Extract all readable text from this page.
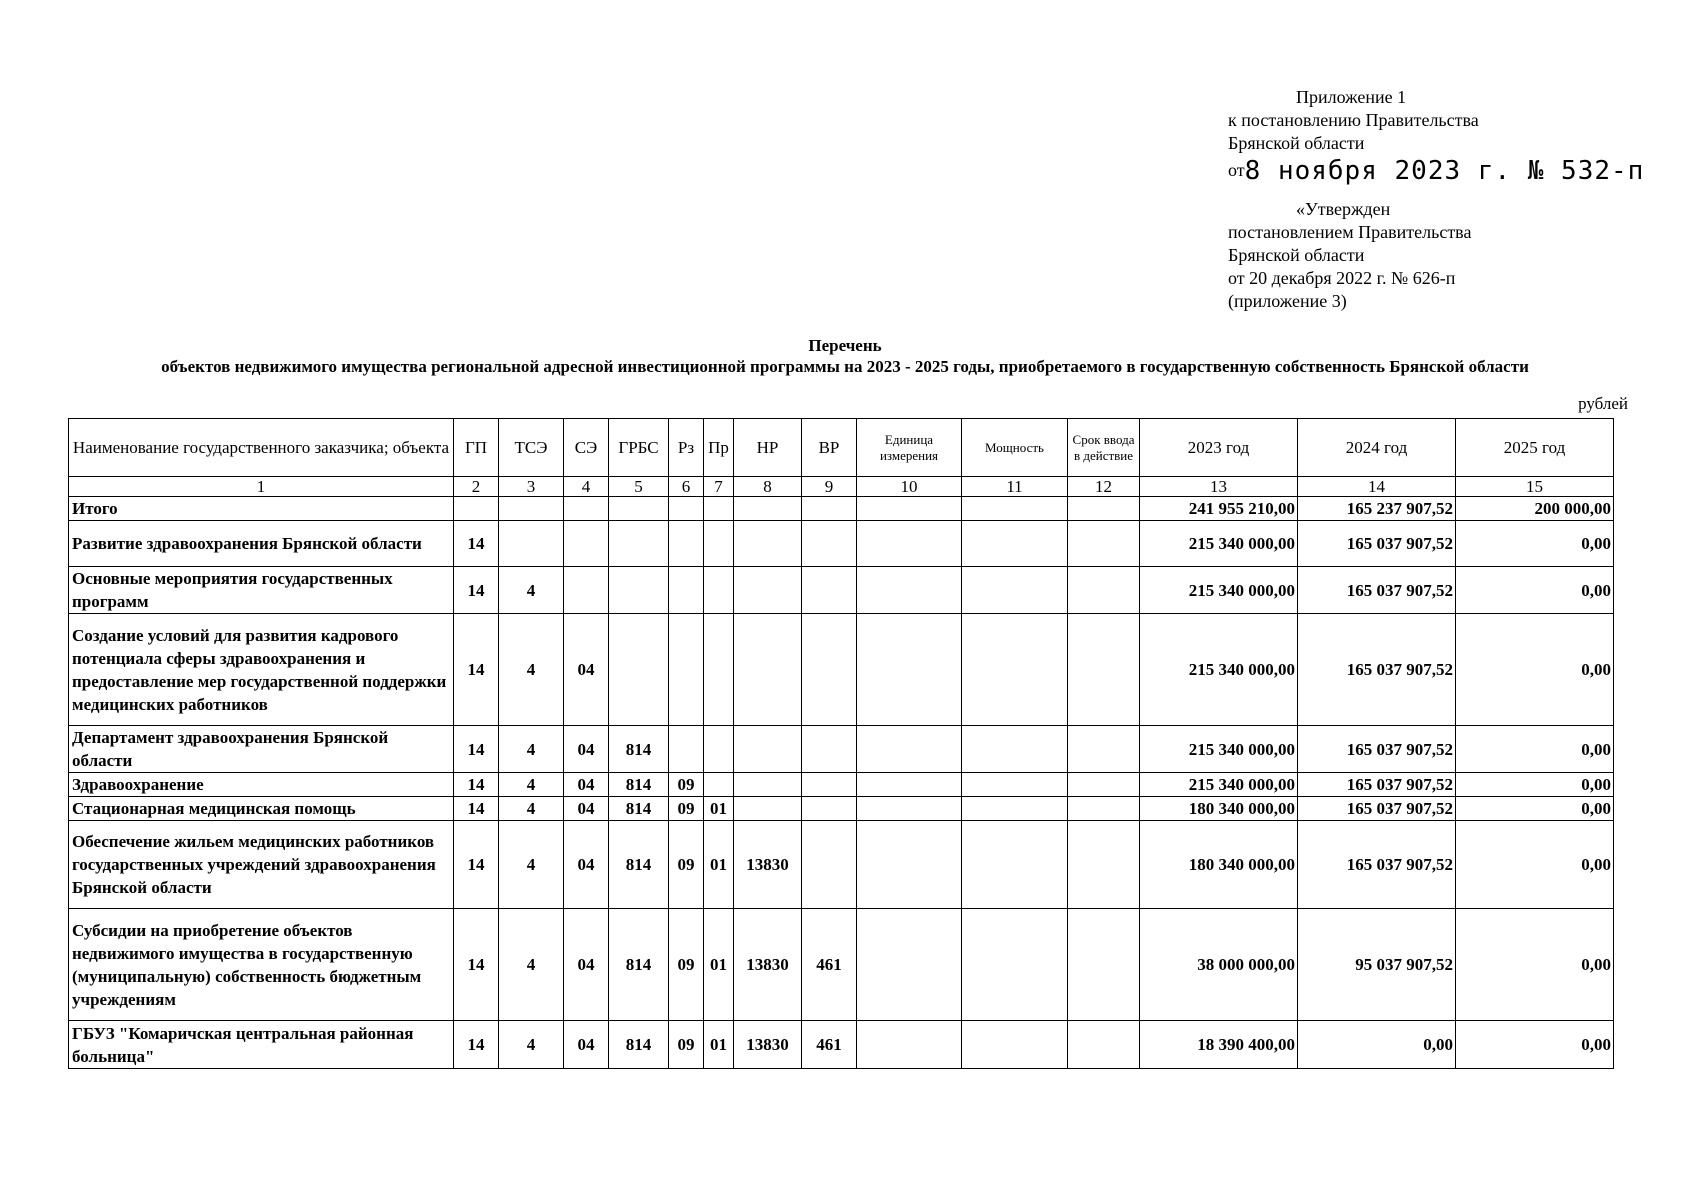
Приложение 1
к постановлению Правительства
Брянской области
от8 ноября 2023 г. № 532-п
«Утвержден
постановлением Правительства
Брянской области
от 20 декабря 2022 г. № 626-п
(приложение 3)
Перечень
объектов недвижимого имущества региональной адресной инвестиционной программы на 2023 - 2025 годы, приобретаемого в государственную собственность Брянской области
рублей
Наименование государственного заказчика; объекта	ГП	ТСЭ	СЭ	ГРБС	Рз	Пр	НР	ВР	Единица измерения	Мощность	Срок ввода в действие	2023 год	2024 год	2025 год
1	2	3	4	5	6	7	8	9	10	11	12	13	14	15
Итого												241 955 210,00	165 237 907,52	200 000,00
Развитие здравоохранения Брянской области	14											215 340 000,00	165 037 907,52	0,00
Основные мероприятия государственных программ	14	4										215 340 000,00	165 037 907,52	0,00
Создание условий для развития кадрового потенциала сферы здравоохранения и предоставление мер государственной поддержки медицинских работников	14	4	04									215 340 000,00	165 037 907,52	0,00
Департамент здравоохранения Брянской области	14	4	04	814								215 340 000,00	165 037 907,52	0,00
Здравоохранение	14	4	04	814	09							215 340 000,00	165 037 907,52	0,00
Стационарная медицинская помощь	14	4	04	814	09	01						180 340 000,00	165 037 907,52	0,00
Обеспечение жильем медицинских работников государственных учреждений здравоохранения Брянской области	14	4	04	814	09	01	13830					180 340 000,00	165 037 907,52	0,00
Субсидии на приобретение объектов недвижимого имущества в государственную (муниципальную) собственность бюджетным учреждениям	14	4	04	814	09	01	13830	461				38 000 000,00	95 037 907,52	0,00
ГБУЗ "Комаричская центральная районная больница"	14	4	04	814	09	01	13830	461				18 390 400,00	0,00	0,00
